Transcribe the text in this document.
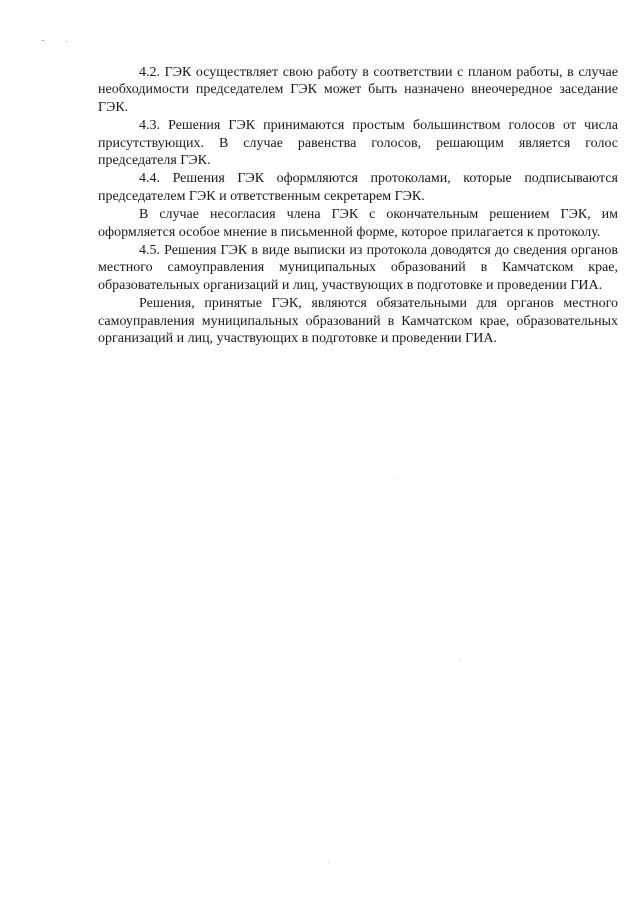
4.2. ГЭК осуществляет свою работу в соответствии с планом работы, в случае необходимости председателем ГЭК может быть назначено внеочередное заседание ГЭК.

4.3. Решения ГЭК принимаются простым большинством голосов от числа присутствующих. В случае равенства голосов, решающим является голос председателя ГЭК.

4.4. Решения ГЭК оформляются протоколами, которые подписываются председателем ГЭК и ответственным секретарем ГЭК.

В случае несогласия члена ГЭК с окончательным решением ГЭК, им оформляется особое мнение в письменной форме, которое прилагается к протоколу.

4.5. Решения ГЭК в виде выписки из протокола доводятся до сведения органов местного самоуправления муниципальных образований в Камчатском крае, образовательных организаций и лиц, участвующих в подготовке и проведении ГИА.

Решения, принятые ГЭК, являются обязательными для органов местного самоуправления муниципальных образований в Камчатском крае, образовательных организаций и лиц, участвующих в подготовке и проведении ГИА.
